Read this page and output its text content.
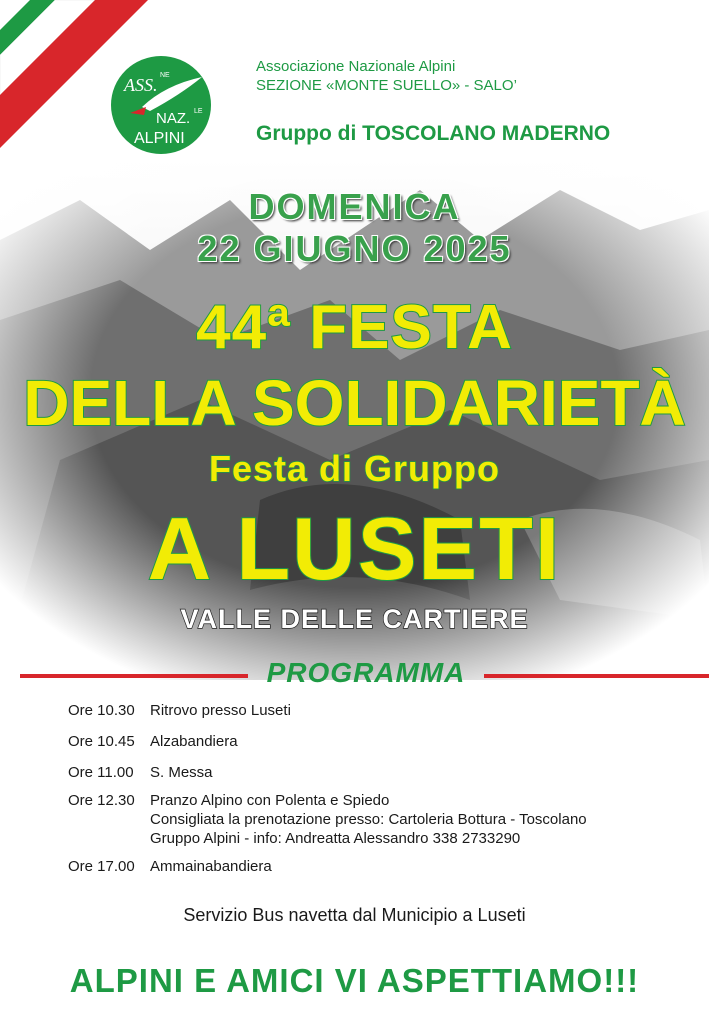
ASS. NE
NAZ. LE
ALPINI
Associazione Nazionale Alpini
SEZIONE «MONTE SUELLO» - SALO’
Gruppo di TOSCOLANO MADERNO
DOMENICA
22 GIUGNO 2025
44ª FESTA
DELLA SOLIDARIETÀ
Festa di Gruppo
A LUSETI
VALLE DELLE CARTIERE
PROGRAMMA
Ore 10.30	Ritrovo presso Luseti
Ore 10.45	Alzabandiera
Ore 11.00	S. Messa
Ore 12.30	Pranzo Alpino con Polenta e Spiedo
Consigliata la prenotazione presso: Cartoleria Bottura - Toscolano
Gruppo Alpini - info: Andreatta Alessandro 338 2733290
Ore 17.00	Ammainabandiera
Servizio Bus navetta dal Municipio a Luseti
ALPINI E AMICI VI ASPETTIAMO!!!
